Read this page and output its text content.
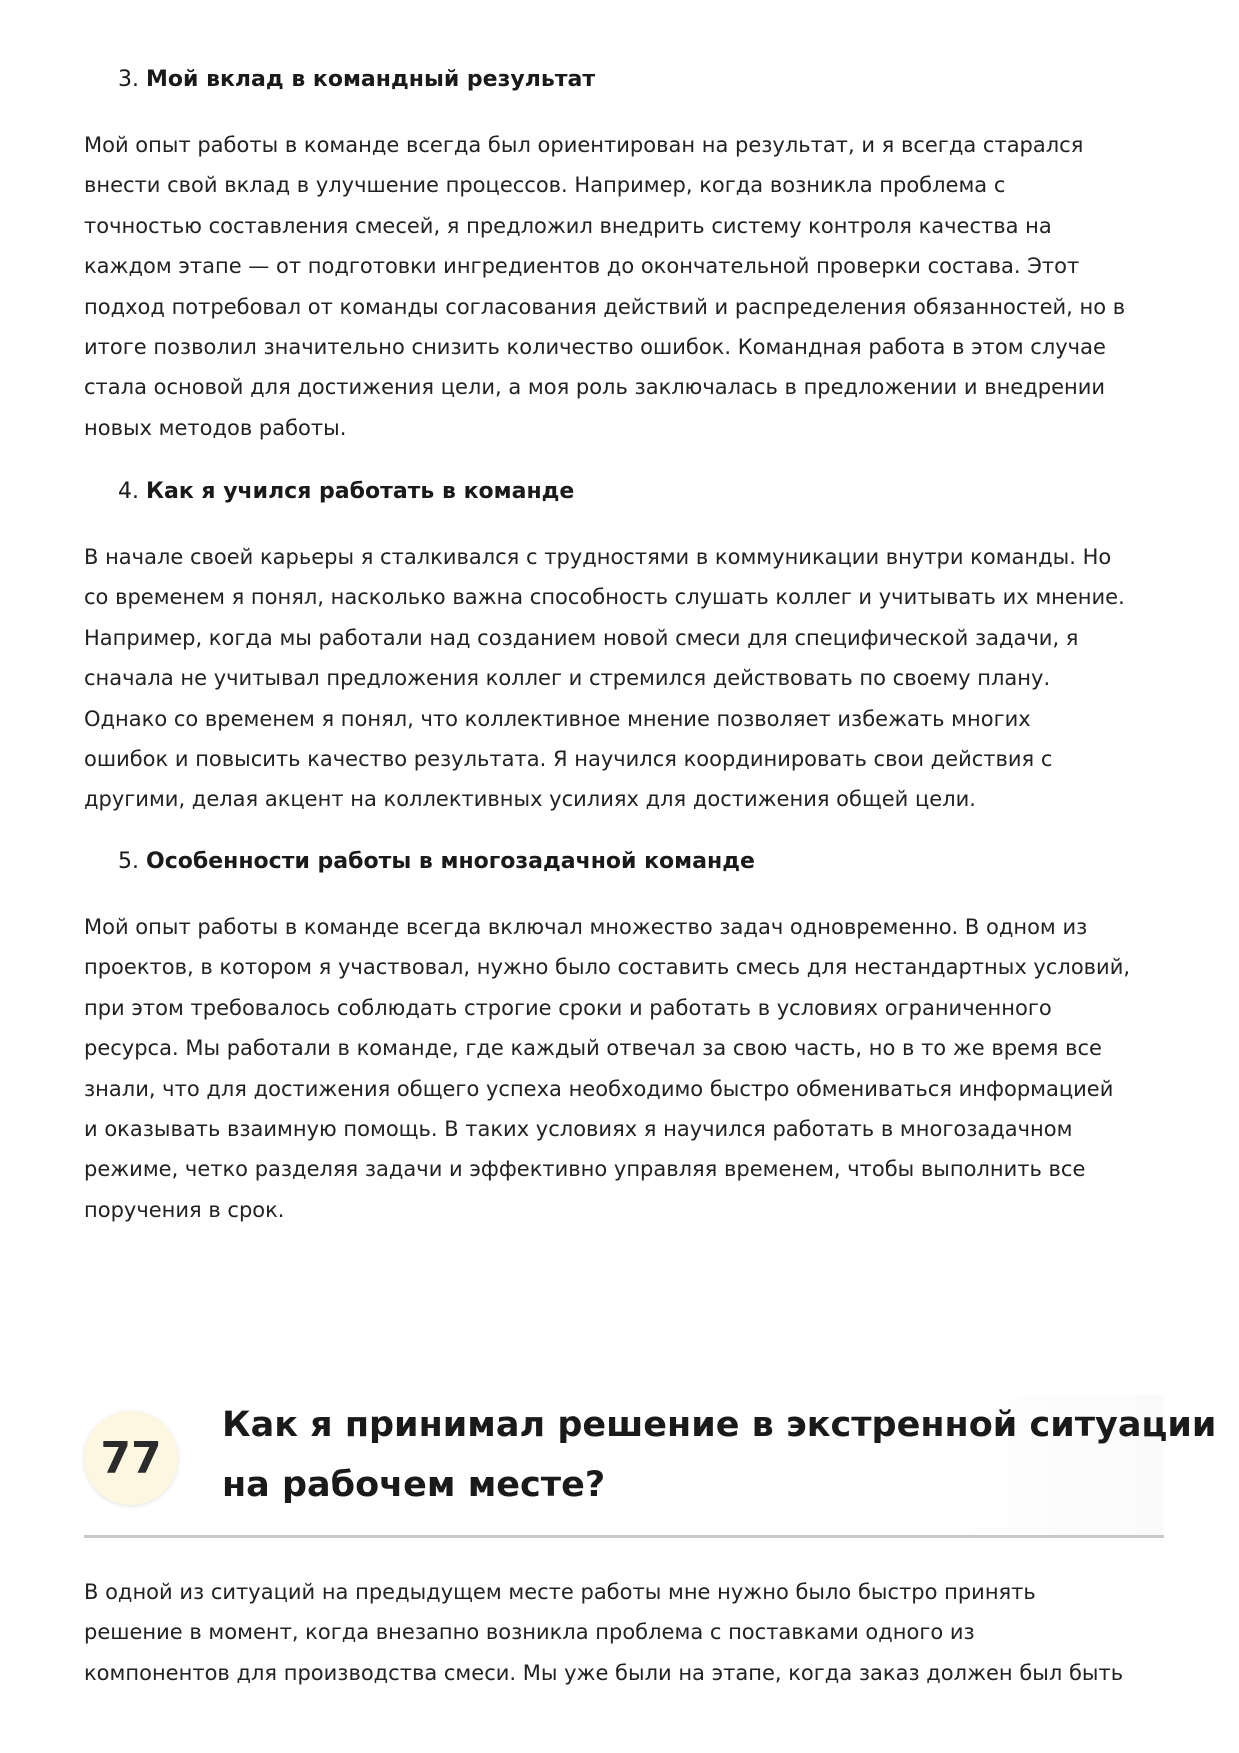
3. Мой вклад в командный результат
Мой опыт работы в команде всегда был ориентирован на результат, и я всегда старался
внести свой вклад в улучшение процессов. Например, когда возникла проблема с
точностью составления смесей, я предложил внедрить систему контроля качества на
каждом этапе — от подготовки ингредиентов до окончательной проверки состава. Этот
подход потребовал от команды согласования действий и распределения обязанностей, но в
итоге позволил значительно снизить количество ошибок. Командная работа в этом случае
стала основой для достижения цели, а моя роль заключалась в предложении и внедрении
новых методов работы.
4. Как я учился работать в команде
В начале своей карьеры я сталкивался с трудностями в коммуникации внутри команды. Но
со временем я понял, насколько важна способность слушать коллег и учитывать их мнение.
Например, когда мы работали над созданием новой смеси для специфической задачи, я
сначала не учитывал предложения коллег и стремился действовать по своему плану.
Однако со временем я понял, что коллективное мнение позволяет избежать многих
ошибок и повысить качество результата. Я научился координировать свои действия с
другими, делая акцент на коллективных усилиях для достижения общей цели.
5. Особенности работы в многозадачной команде
Мой опыт работы в команде всегда включал множество задач одновременно. В одном из
проектов, в котором я участвовал, нужно было составить смесь для нестандартных условий,
при этом требовалось соблюдать строгие сроки и работать в условиях ограниченного
ресурса. Мы работали в команде, где каждый отвечал за свою часть, но в то же время все
знали, что для достижения общего успеха необходимо быстро обмениваться информацией
и оказывать взаимную помощь. В таких условиях я научился работать в многозадачном
режиме, четко разделяя задачи и эффективно управляя временем, чтобы выполнить все
поручения в срок.
77
Как я принимал решение в экстренной ситуации
на рабочем месте?
В одной из ситуаций на предыдущем месте работы мне нужно было быстро принять
решение в момент, когда внезапно возникла проблема с поставками одного из
компонентов для производства смеси. Мы уже были на этапе, когда заказ должен был быть
